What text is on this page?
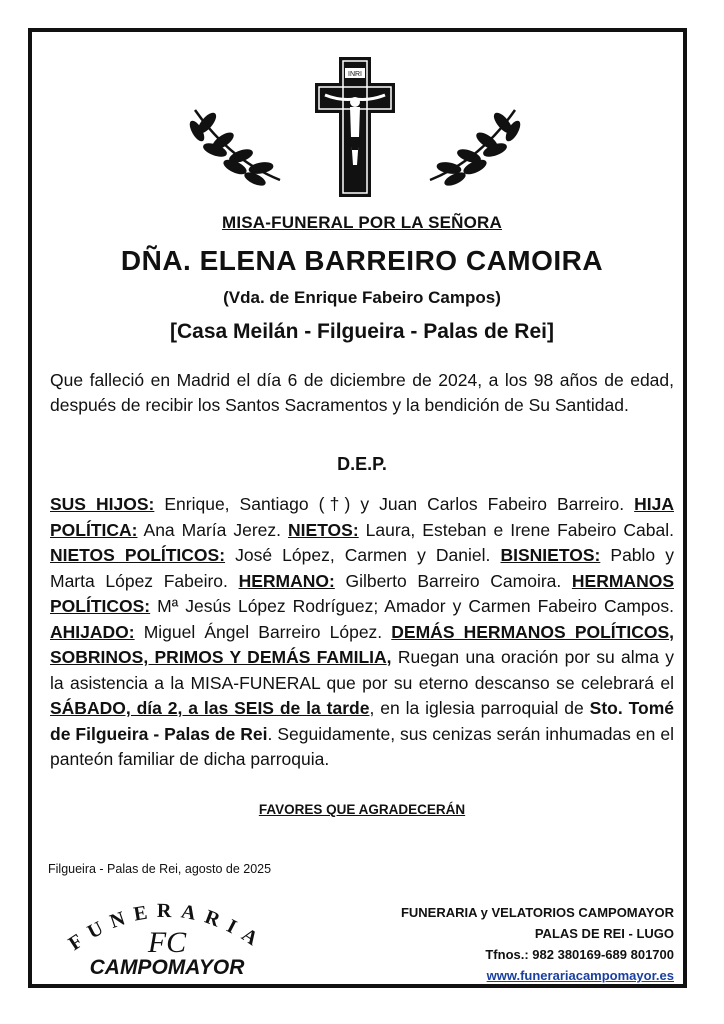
INRI
MISA-FUNERAL POR LA SEÑORA
DÑA. ELENA BARREIRO CAMOIRA
(Vda. de Enrique Fabeiro Campos)
[Casa Meilán - Filgueira - Palas de Rei]
Que falleció en Madrid el día 6 de diciembre de 2024, a los 98 años de edad, después de recibir los Santos Sacramentos y la bendición de Su Santidad.
D.E.P.
SUS HIJOS: Enrique, Santiago (†) y Juan Carlos Fabeiro Barreiro. HIJA POLÍTICA: Ana María Jerez. NIETOS: Laura, Esteban e Irene Fabeiro Cabal. NIETOS POLÍTICOS: José López, Carmen y Daniel. BISNIETOS: Pablo y Marta López Fabeiro. HERMANO: Gilberto Barreiro Camoira. HERMANOS POLÍTICOS: Mª Jesús López Rodríguez; Amador y Carmen Fabeiro Campos. AHIJADO: Miguel Ángel Barreiro López. DEMÁS HERMANOS POLÍTICOS, SOBRINOS, PRIMOS Y DEMÁS FAMILIA, Ruegan una oración por su alma y la asistencia a la MISA-FUNERAL que por su eterno descanso se celebrará el SÁBADO, día 2, a las SEIS de la tarde, en la iglesia parroquial de Sto. Tomé de Filgueira - Palas de Rei. Seguidamente, sus cenizas serán inhumadas en el panteón familiar de dicha parroquia.
FAVORES QUE AGRADECERÁN
Filgueira - Palas de Rei, agosto de 2025
FUNERARIA
FC
CAMPOMAYOR
FUNERARIA y VELATORIOS CAMPOMAYOR
PALAS DE REI - LUGO
Tfnos.: 982 380169-689 801700
www.funerariacampomayor.es
